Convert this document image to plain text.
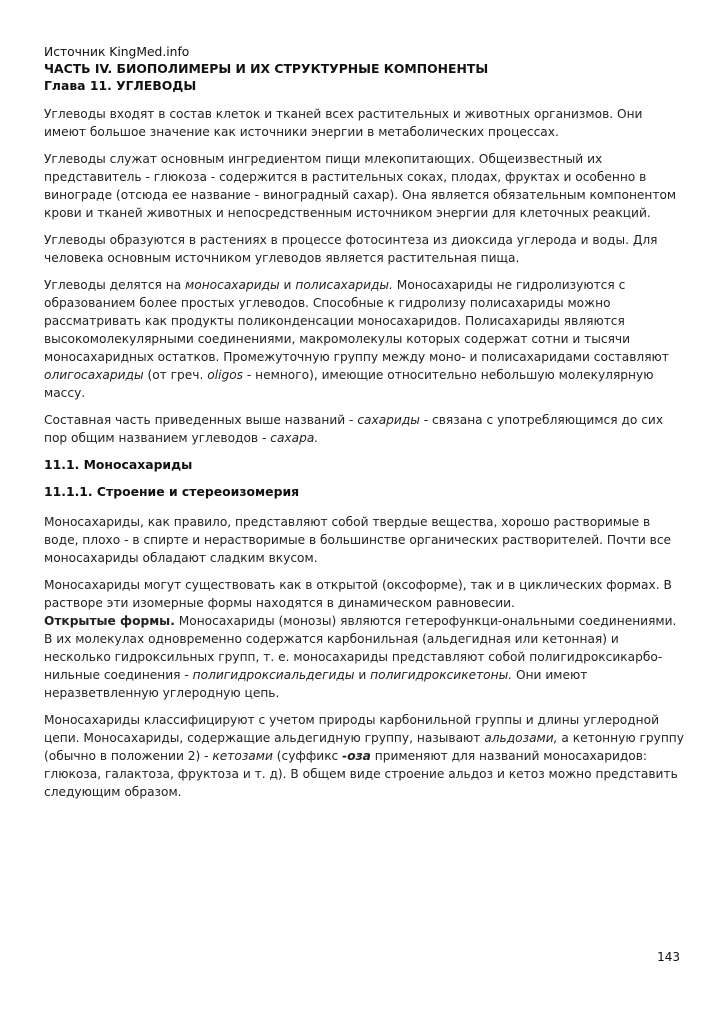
Источник KingMed.info
ЧАСТЬ IV. БИОПОЛИМЕРЫ И ИХ СТРУКТУРНЫЕ КОМПОНЕНТЫ
Глава 11. УГЛЕВОДЫ

Углеводы входят в состав клеток и тканей всех растительных и животных организмов. Они имеют большое значение как источники энергии в метаболических процессах.

Углеводы служат основным ингредиентом пищи млекопитающих. Общеизвестный их представитель - глюкоза - содержится в растительных соках, плодах, фруктах и особенно в винограде (отсюда ее название - виноградный сахар). Она является обязательным компонентом крови и тканей животных и непосредственным источником энергии для клеточных реакций.

Углеводы образуются в растениях в процессе фотосинтеза из диоксида углерода и воды. Для человека основным источником углеводов является растительная пища.

Углеводы делятся на моносахариды и полисахариды. Моносахариды не гидролизуются с образованием более простых углеводов. Способные к гидролизу полисахариды можно рассматривать как продукты поликонденсации моносахаридов. Полисахариды являются высокомолекулярными соединениями, макромолекулы которых содержат сотни и тысячи моносахаридных остатков. Промежуточную группу между моно- и полисахаридами составляют олигосахариды (от греч. oligos - немного), имеющие относительно небольшую молекулярную массу.

Составная часть приведенных выше названий - сахариды - связана с употребляющимся до сих пор общим названием углеводов - сахара.

11.1. Моносахариды
11.1.1. Строение и стереоизомерия

Моносахариды, как правило, представляют собой твердые вещества, хорошо растворимые в воде, плохо - в спирте и нерастворимые в большинстве органических растворителей. Почти все моносахариды обладают сладким вкусом.

Моносахариды могут существовать как в открытой (оксоформе), так и в циклических формах. В растворе эти изомерные формы находятся в динамическом равновесии.

Открытые формы. Моносахариды (монозы) являются гетерофункци-ональными соединениями. В их молекулах одновременно содержатся карбонильная (альдегидная или кетонная) и несколько гидроксильных групп, т. е. моносахариды представляют собой полигидроксикарбо-нильные соединения - полигидроксиальдегиды и полигидроксикетоны. Они имеют неразветвленную углеродную цепь.

Моносахариды классифицируют с учетом природы карбонильной группы и длины углеродной цепи. Моносахариды, содержащие альдегидную группу, называют альдозами, а кетонную группу (обычно в положении 2) - кетозами (суффикс -оза применяют для названий моносахаридов: глюкоза, галактоза, фруктоза и т. д). В общем виде строение альдоз и кетоз можно представить следующим образом.

143
